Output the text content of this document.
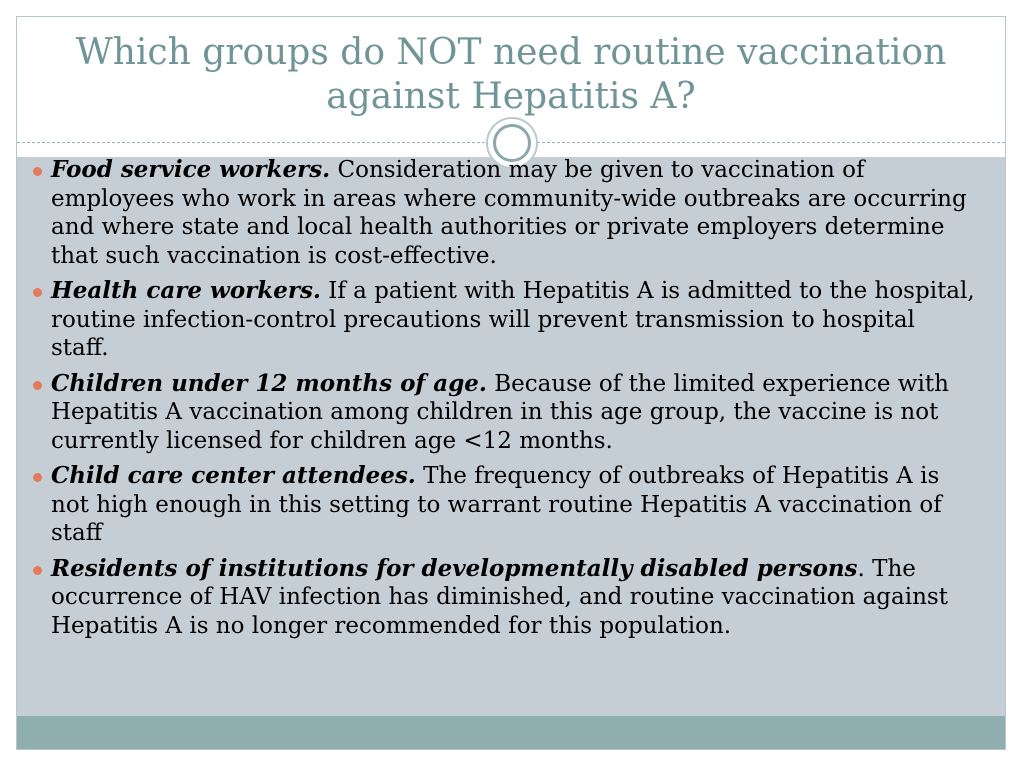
Which groups do NOT need routine vaccination against Hepatitis A?
Food service workers. Consideration may be given to vaccination of employees who work in areas where community-wide outbreaks are occurring and where state and local health authorities or private employers determine that such vaccination is cost-effective.
Health care workers. If a patient with Hepatitis A is admitted to the hospital, routine infection-control precautions will prevent transmission to hospital staff.
Children under 12 months of age. Because of the limited experience with Hepatitis A vaccination among children in this age group, the vaccine is not currently licensed for children age <12 months.
Child care center attendees. The frequency of outbreaks of Hepatitis A is not high enough in this setting to warrant routine Hepatitis A vaccination of staff
Residents of institutions for developmentally disabled persons. The occurrence of HAV infection has diminished, and routine vaccination against Hepatitis A is no longer recommended for this population.
